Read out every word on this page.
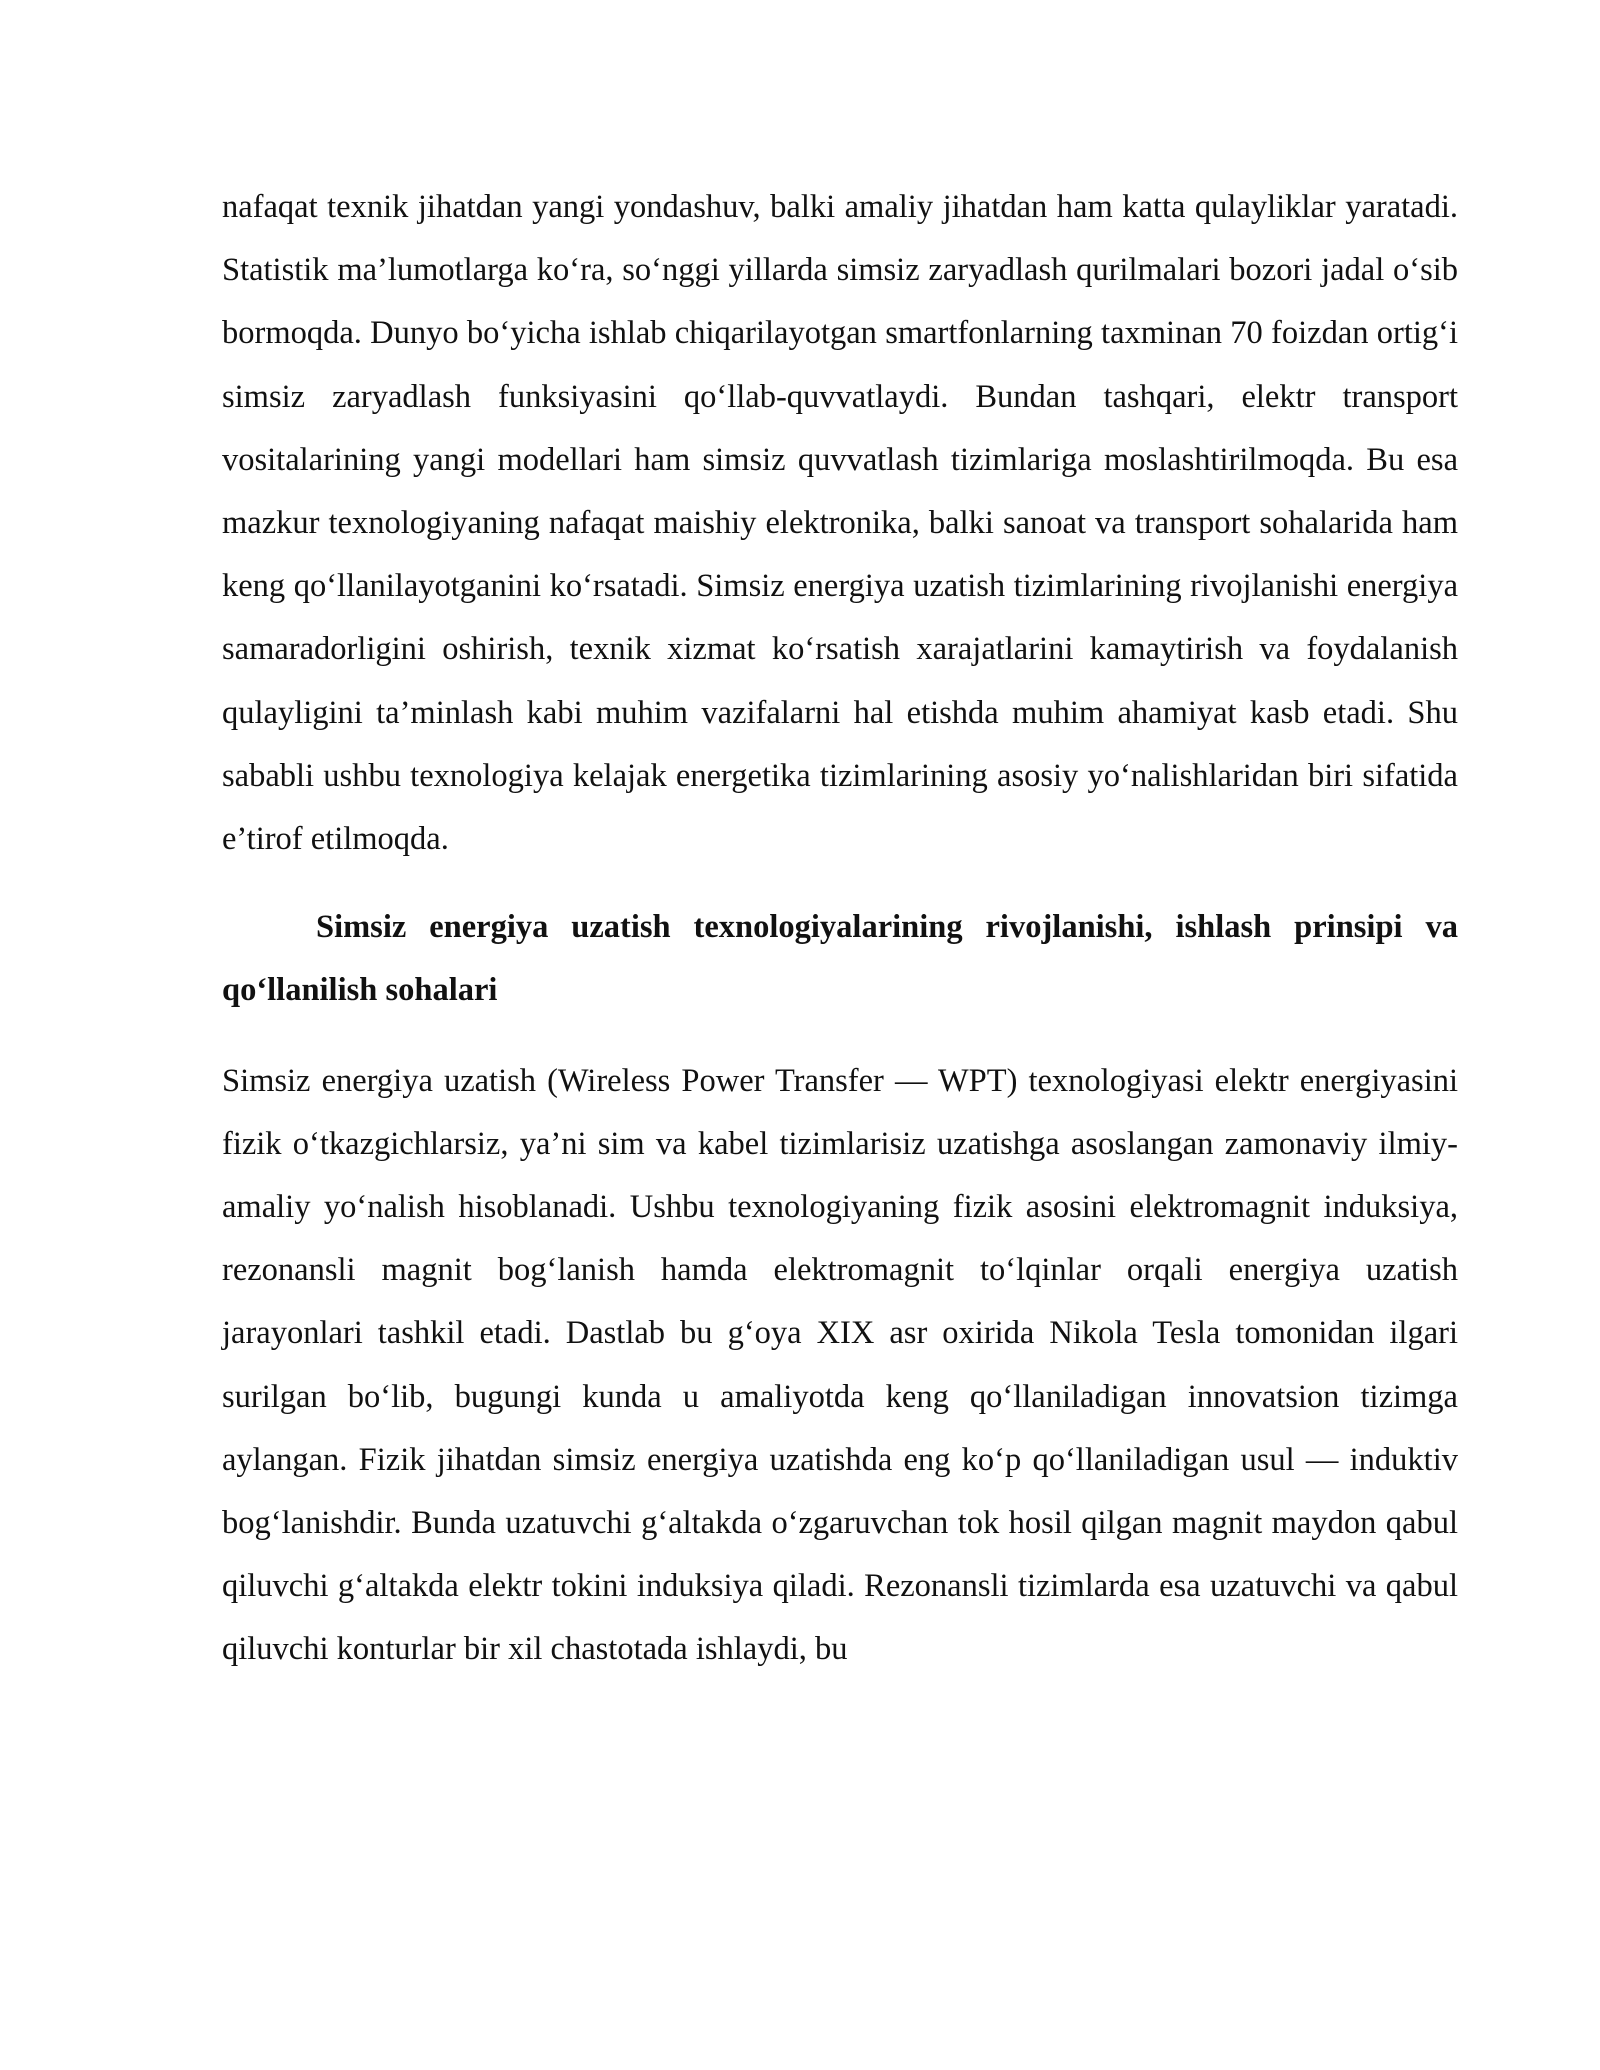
nafaqat texnik jihatdan yangi yondashuv, balki amaliy jihatdan ham katta qulayliklar yaratadi. Statistik ma’lumotlarga ko‘ra, so‘nggi yillarda simsiz zaryadlash qurilmalari bozori jadal o‘sib bormoqda. Dunyo bo‘yicha ishlab chiqarilayotgan smartfonlarning taxminan 70 foizdan ortig‘i simsiz zaryadlash funksiyasini qo‘llab-quvvatlaydi. Bundan tashqari, elektr transport vositalarining yangi modellari ham simsiz quvvatlash tizimlariga moslashtirilmoqda. Bu esa mazkur texnologiyaning nafaqat maishiy elektronika, balki sanoat va transport sohalarida ham keng qo‘llanilayotganini ko‘rsatadi. Simsiz energiya uzatish tizimlarining rivojlanishi energiya samaradorligini oshirish, texnik xizmat ko‘rsatish xarajatlarini kamaytirish va foydalanish qulayligini ta’minlash kabi muhim vazifalarni hal etishda muhim ahamiyat kasb etadi. Shu sababli ushbu texnologiya kelajak energetika tizimlarining asosiy yo‘nalishlaridan biri sifatida e’tirof etilmoqda.

Simsiz energiya uzatish texnologiyalarining rivojlanishi, ishlash prinsipi va qo‘llanilish sohalari

Simsiz energiya uzatish (Wireless Power Transfer — WPT) texnologiyasi elektr energiyasini fizik o‘tkazgichlarsiz, ya’ni sim va kabel tizimlarisiz uzatishga asoslangan zamonaviy ilmiy-amaliy yo‘nalish hisoblanadi. Ushbu texnologiyaning fizik asosini elektromagnit induksiya, rezonansli magnit bog‘lanish hamda elektromagnit to‘lqinlar orqali energiya uzatish jarayonlari tashkil etadi. Dastlab bu g‘oya XIX asr oxirida Nikola Tesla tomonidan ilgari surilgan bo‘lib, bugungi kunda u amaliyotda keng qo‘llaniladigan innovatsion tizimga aylangan. Fizik jihatdan simsiz energiya uzatishda eng ko‘p qo‘llaniladigan usul — induktiv bog‘lanishdir. Bunda uzatuvchi g‘altakda o‘zgaruvchan tok hosil qilgan magnit maydon qabul qiluvchi g‘altakda elektr tokini induksiya qiladi. Rezonansli tizimlarda esa uzatuvchi va qabul qiluvchi konturlar bir xil chastotada ishlaydi, bu
